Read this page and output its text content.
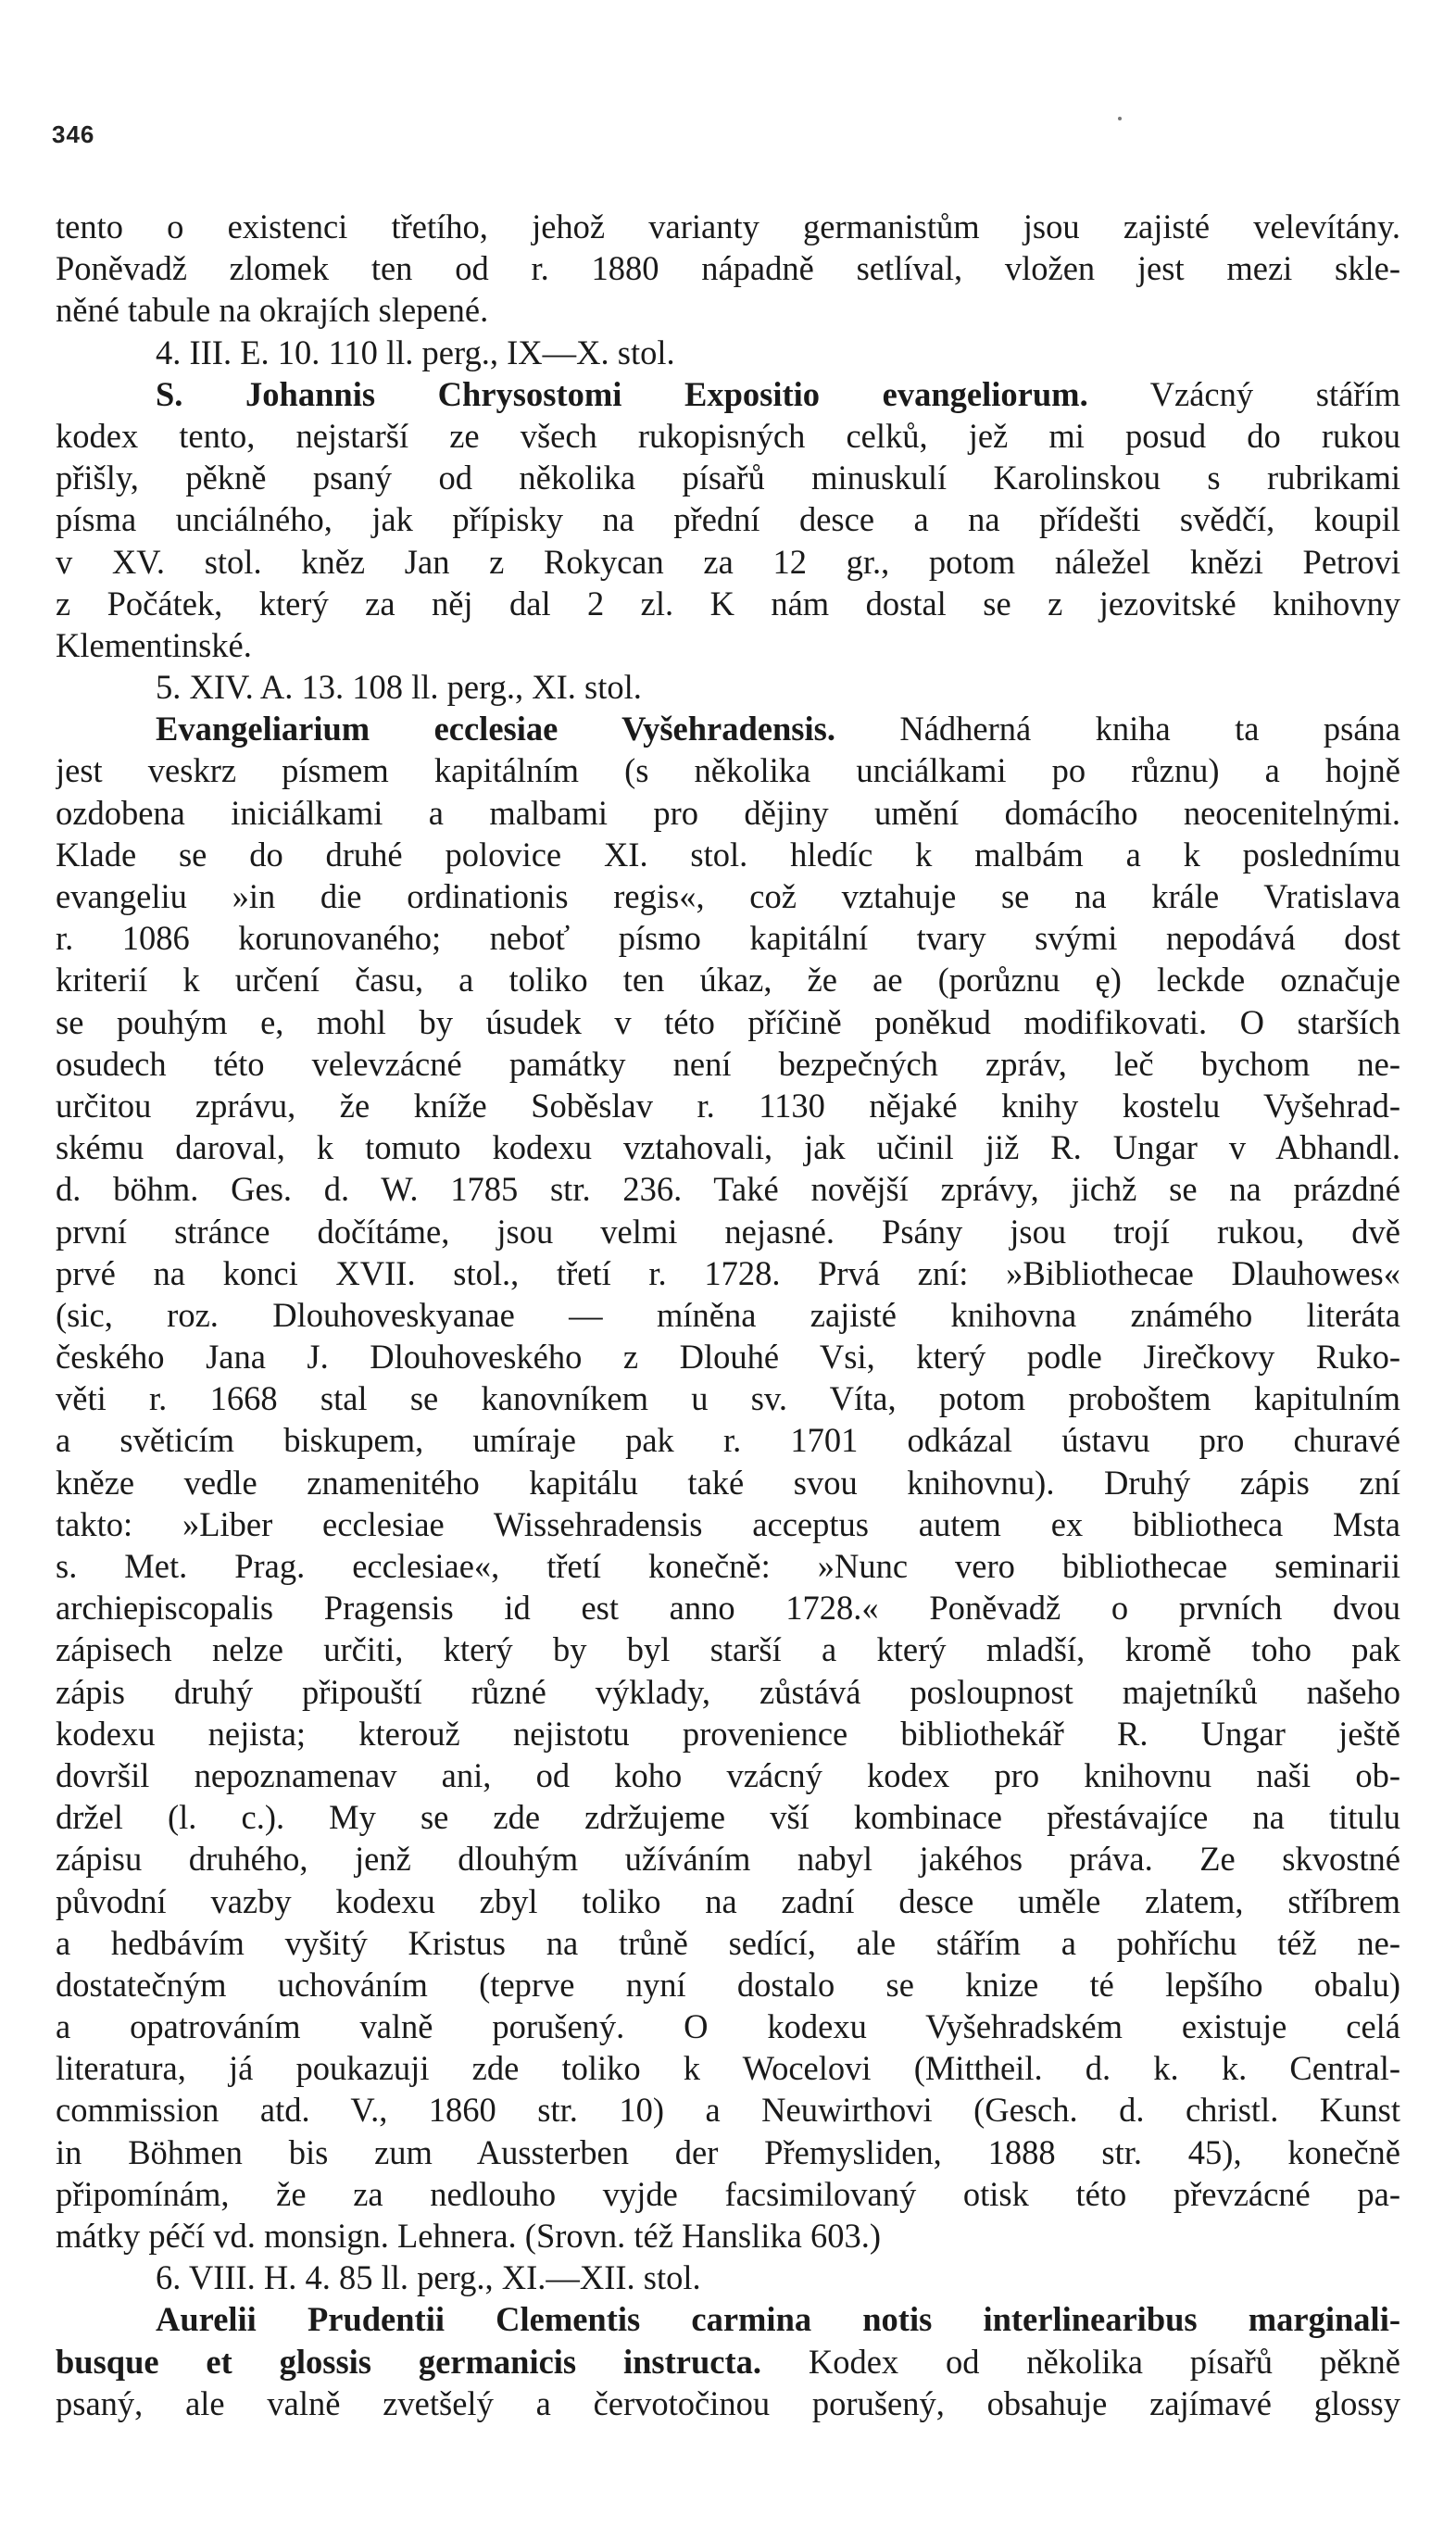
346
tento o existenci třetího, jehož varianty germanistům jsou zajisté velevítány.
Poněvadž zlomek ten od r. 1880 nápadně setlíval, vložen jest mezi skle-
něné tabule na okrajích slepené.
4. III. E. 10. 110 ll. perg., IX—X. stol.
S. Johannis Chrysostomi Expositio evangeliorum. Vzácný stářím
kodex tento, nejstarší ze všech rukopisných celků, jež mi posud do rukou
přišly, pěkně psaný od několika písařů minuskulí Karolinskou s rubrikami
písma unciálného, jak přípisky na přední desce a na přídešti svědčí, koupil
v XV. stol. kněz Jan z Rokycan za 12 gr., potom náležel knězi Petrovi
z Počátek, který za něj dal 2 zl. K nám dostal se z jezovitské knihovny
Klementinské.
5. XIV. A. 13. 108 ll. perg., XI. stol.
Evangeliarium ecclesiae Vyšehradensis. Nádherná kniha ta psána
jest veskrz písmem kapitálním (s několika unciálkami po různu) a hojně
ozdobena iniciálkami a malbami pro dějiny umění domácího neocenitelnými.
Klade se do druhé polovice XI. stol. hledíc k malbám a k poslednímu
evangeliu »in die ordinationis regis«, což vztahuje se na krále Vratislava
r. 1086 korunovaného; neboť písmo kapitální tvary svými nepodává dost
kriterií k určení času, a toliko ten úkaz, že ae (porůznu ę) leckde označuje
se pouhým e, mohl by úsudek v této příčině poněkud modifikovati. O starších
osudech této velevzácné památky není bezpečných zpráv, leč bychom ne-
určitou zprávu, že kníže Soběslav r. 1130 nějaké knihy kostelu Vyšehrad-
skému daroval, k tomuto kodexu vztahovali, jak učinil již R. Ungar v Abhandl.
d. böhm. Ges. d. W. 1785 str. 236. Také novější zprávy, jichž se na prázdné
první stránce dočítáme, jsou velmi nejasné. Psány jsou trojí rukou, dvě
prvé na konci XVII. stol., třetí r. 1728. Prvá zní: »Bibliothecae Dlauhowes«
(sic, roz. Dlouhoveskyanae — míněna zajisté knihovna známého literáta
českého Jana J. Dlouhoveského z Dlouhé Vsi, který podle Jirečkovy Ruko-
věti r. 1668 stal se kanovníkem u sv. Víta, potom proboštem kapitulním
a světicím biskupem, umíraje pak r. 1701 odkázal ústavu pro churavé
kněze vedle znamenitého kapitálu také svou knihovnu). Druhý zápis zní
takto: »Liber ecclesiae Wissehradensis acceptus autem ex bibliotheca Msta
s. Met. Prag. ecclesiae«, třetí konečně: »Nunc vero bibliothecae seminarii
archiepiscopalis Pragensis id est anno 1728.« Poněvadž o prvních dvou
zápisech nelze určiti, který by byl starší a který mladší, kromě toho pak
zápis druhý připouští různé výklady, zůstává posloupnost majetníků našeho
kodexu nejista; kterouž nejistotu provenience bibliothekář R. Ungar ještě
dovršil nepoznamenav ani, od koho vzácný kodex pro knihovnu naši ob-
držel (l. c.). My se zde zdržujeme vší kombinace přestávajíce na titulu
zápisu druhého, jenž dlouhým užíváním nabyl jakéhos práva. Ze skvostné
původní vazby kodexu zbyl toliko na zadní desce uměle zlatem, stříbrem
a hedbávím vyšitý Kristus na trůně sedící, ale stářím a pohříchu též ne-
dostatečným uchováním (teprve nyní dostalo se knize té lepšího obalu)
a opatrováním valně porušený. O kodexu Vyšehradském existuje celá
literatura, já poukazuji zde toliko k Wocelovi (Mittheil. d. k. k. Central-
commission atd. V., 1860 str. 10) a Neuwirthovi (Gesch. d. christl. Kunst
in Böhmen bis zum Aussterben der Přemysliden, 1888 str. 45), konečně
připomínám, že za nedlouho vyjde facsimilovaný otisk této převzácné pa-
mátky péčí vd. monsign. Lehnera. (Srovn. též Hanslika 603.)
6. VIII. H. 4. 85 ll. perg., XI.—XII. stol.
Aurelii Prudentii Clementis carmina notis interlinearibus marginali-
busque et glossis germanicis instructa. Kodex od několika písařů pěkně
psaný, ale valně zvetšelý a červotočinou porušený, obsahuje zajímavé glossy
